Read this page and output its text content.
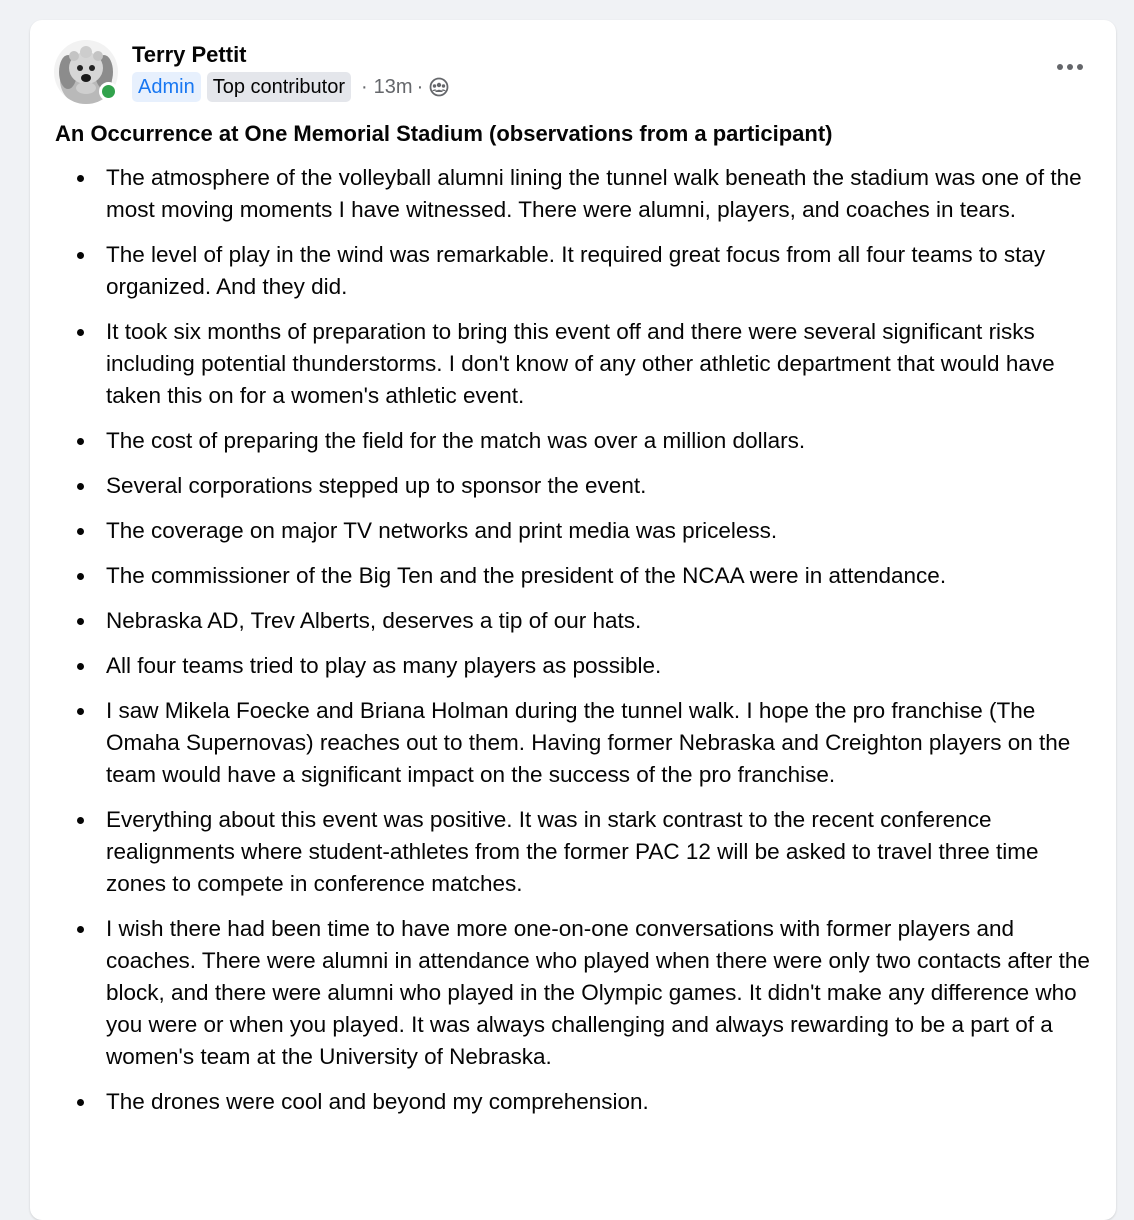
Terry Pettit
Admin Top contributor · 13m ·
An Occurrence at One Memorial Stadium (observations from a participant)
The atmosphere of the volleyball alumni lining the tunnel walk beneath the stadium was one of the most moving moments I have witnessed. There were alumni, players, and coaches in tears.
The level of play in the wind was remarkable. It required great focus from all four teams to stay organized. And they did.
It took six months of preparation to bring this event off and there were several significant risks including potential thunderstorms. I don't know of any other athletic department that would have taken this on for a women's athletic event.
The cost of preparing the field for the match was over a million dollars.
Several corporations stepped up to sponsor the event.
The coverage on major TV networks and print media was priceless.
The commissioner of the Big Ten and the president of the NCAA were in attendance.
Nebraska AD, Trev Alberts, deserves a tip of our hats.
All four teams tried to play as many players as possible.
I saw Mikela Foecke and Briana Holman during the tunnel walk. I hope the pro franchise (The Omaha Supernovas) reaches out to them. Having former Nebraska and Creighton players on the team would have a significant impact on the success of the pro franchise.
Everything about this event was positive. It was in stark contrast to the recent conference realignments where student-athletes from the former PAC 12 will be asked to travel three time zones to compete in conference matches.
I wish there had been time to have more one-on-one conversations with former players and coaches. There were alumni in attendance who played when there were only two contacts after the block, and there were alumni who played in the Olympic games. It didn't make any difference who you were or when you played. It was always challenging and always rewarding to be a part of a women's team at the University of Nebraska.
The drones were cool and beyond my comprehension.
